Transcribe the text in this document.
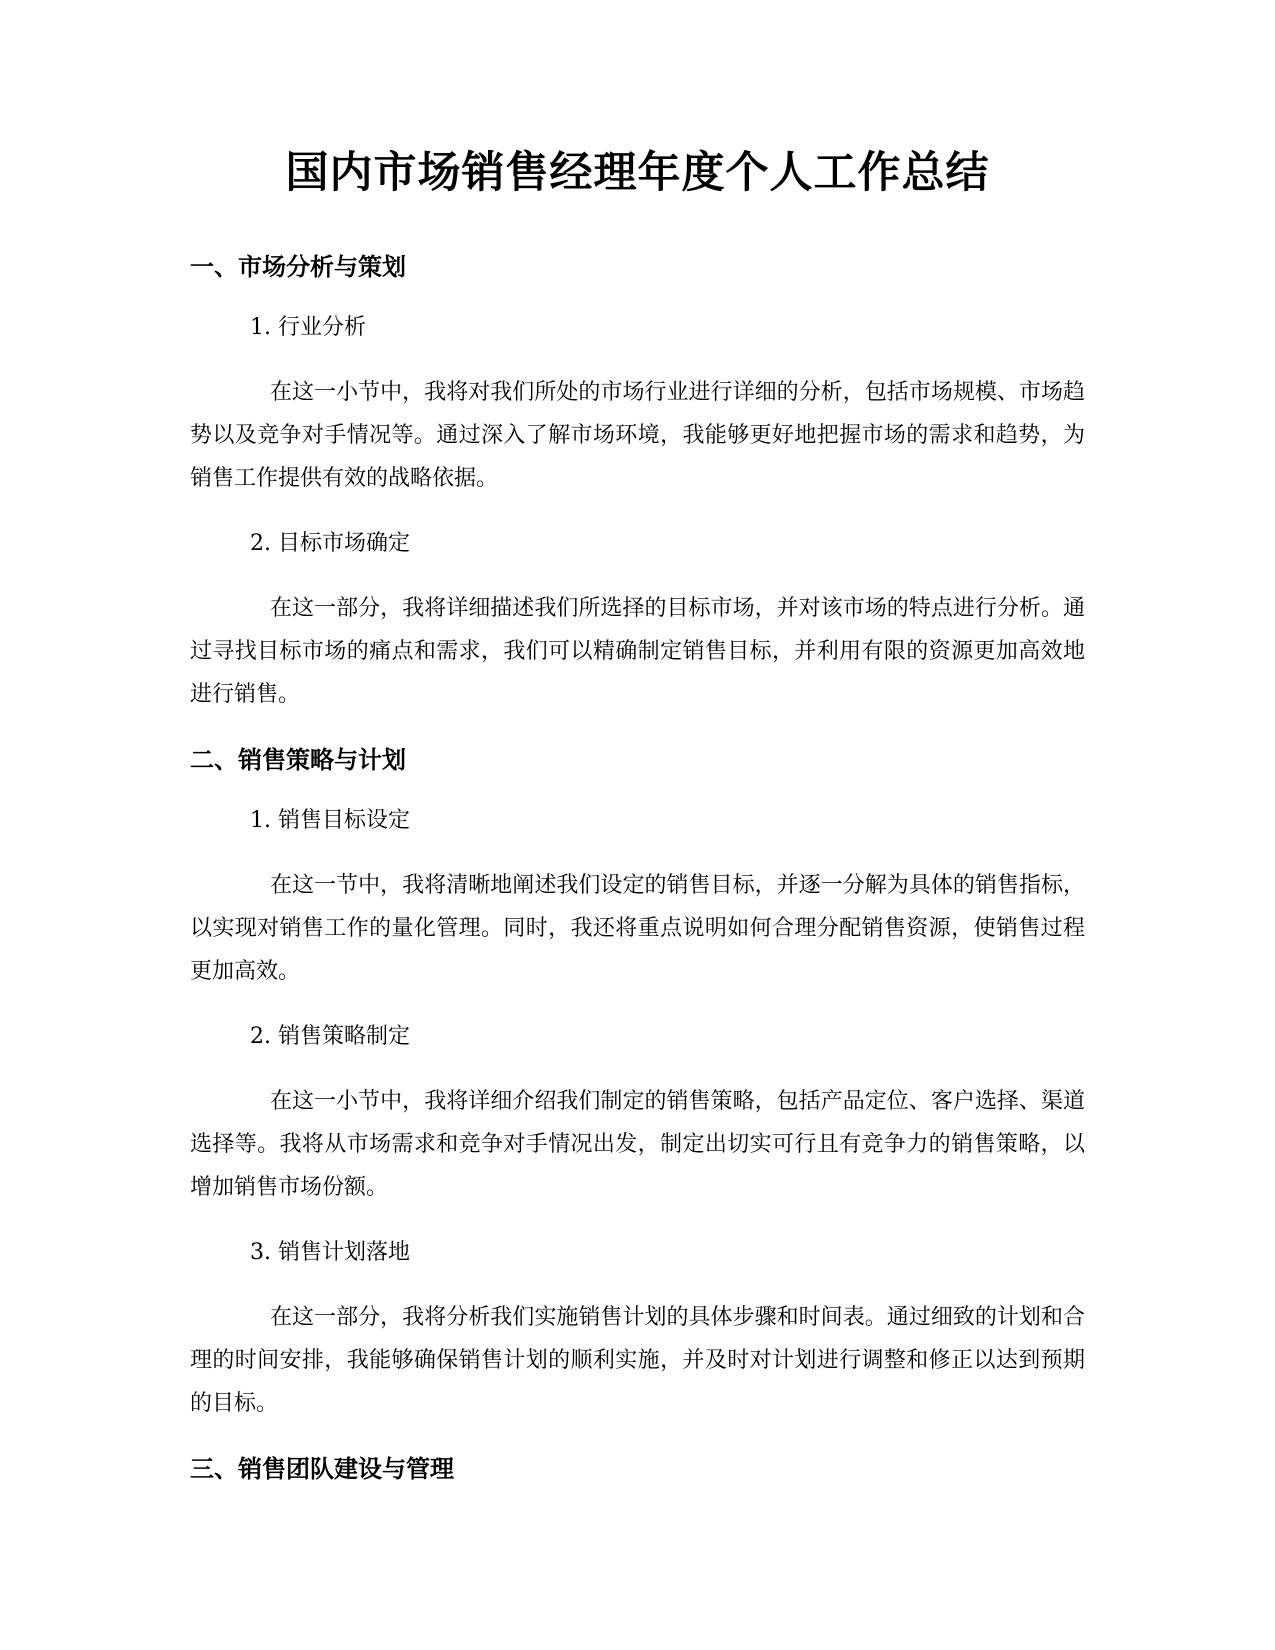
国内市场销售经理年度个人工作总结
一、市场分析与策划

1. 行业分析

在这一小节中，我将对我们所处的市场行业进行详细的分析，包括市场规模、市场趋势以及竞争对手情况等。通过深入了解市场环境，我能够更好地把握市场的需求和趋势，为销售工作提供有效的战略依据。

2. 目标市场确定

在这一部分，我将详细描述我们所选择的目标市场，并对该市场的特点进行分析。通过寻找目标市场的痛点和需求，我们可以精确制定销售目标，并利用有限的资源更加高效地进行销售。

二、销售策略与计划

1. 销售目标设定

在这一节中，我将清晰地阐述我们设定的销售目标，并逐一分解为具体的销售指标，以实现对销售工作的量化管理。同时，我还将重点说明如何合理分配销售资源，使销售过程更加高效。

2. 销售策略制定

在这一小节中，我将详细介绍我们制定的销售策略，包括产品定位、客户选择、渠道选择等。我将从市场需求和竞争对手情况出发，制定出切实可行且有竞争力的销售策略，以增加销售市场份额。

3. 销售计划落地

在这一部分，我将分析我们实施销售计划的具体步骤和时间表。通过细致的计划和合理的时间安排，我能够确保销售计划的顺利实施，并及时对计划进行调整和修正以达到预期的目标。

三、销售团队建设与管理
